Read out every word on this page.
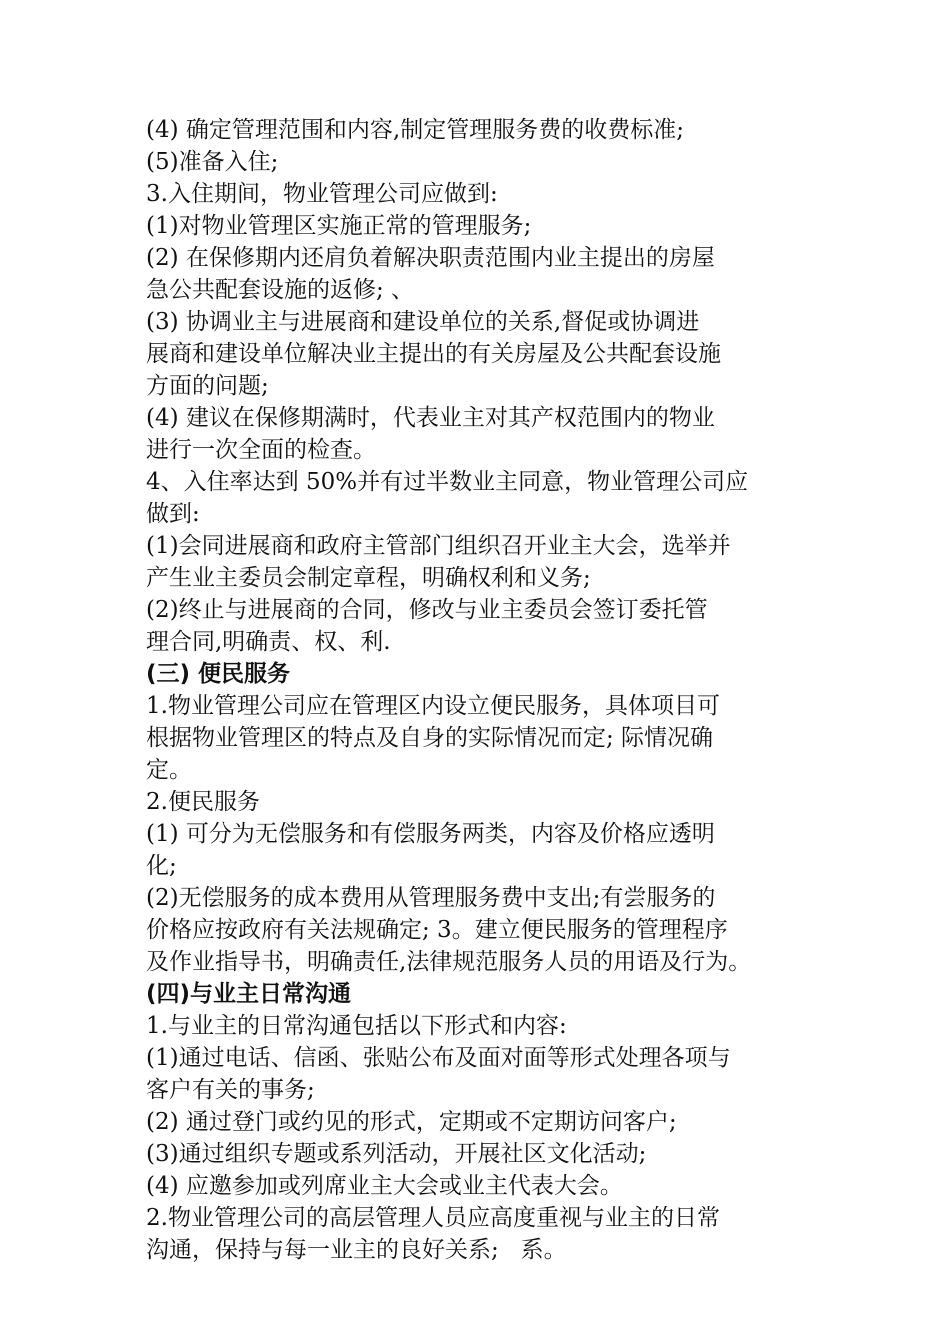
(4) 确定管理范围和内容,制定管理服务费的收费标准;
(5)准备入住;
3.入住期间，物业管理公司应做到:
(1)对物业管理区实施正常的管理服务;
(2) 在保修期内还肩负着解决职责范围内业主提出的房屋
急公共配套设施的返修; 、
(3) 协调业主与进展商和建设单位的关系,督促或协调进
展商和建设单位解决业主提出的有关房屋及公共配套设施
方面的问题;
(4) 建议在保修期满时，代表业主对其产权范围内的物业
进行一次全面的检查。
4、入住率达到 50%并有过半数业主同意，物业管理公司应
做到:
(1)会同进展商和政府主管部门组织召开业主大会，选举并
产生业主委员会制定章程，明确权利和义务;
(2)终止与进展商的合同，修改与业主委员会签订委托管
理合同,明确责、权、利.
(三) 便民服务
1.物业管理公司应在管理区内设立便民服务，具体项目可
根据物业管理区的特点及自身的实际情况而定; 际情况确
定。
2.便民服务
(1) 可分为无偿服务和有偿服务两类，内容及价格应透明
化;
(2)无偿服务的成本费用从管理服务费中支出;有尝服务的
价格应按政府有关法规确定; 3。建立便民服务的管理程序
及作业指导书，明确责任,法律规范服务人员的用语及行为。
(四)与业主日常沟通
1.与业主的日常沟通包括以下形式和内容:
(1)通过电话、信函、张贴公布及面对面等形式处理各项与
客户有关的事务;
(2) 通过登门或约见的形式，定期或不定期访问客户;
(3)通过组织专题或系列活动，开展社区文化活动;
(4) 应邀参加或列席业主大会或业主代表大会。
2.物业管理公司的高层管理人员应高度重视与业主的日常
沟通，保持与每一业主的良好关系;   系。
